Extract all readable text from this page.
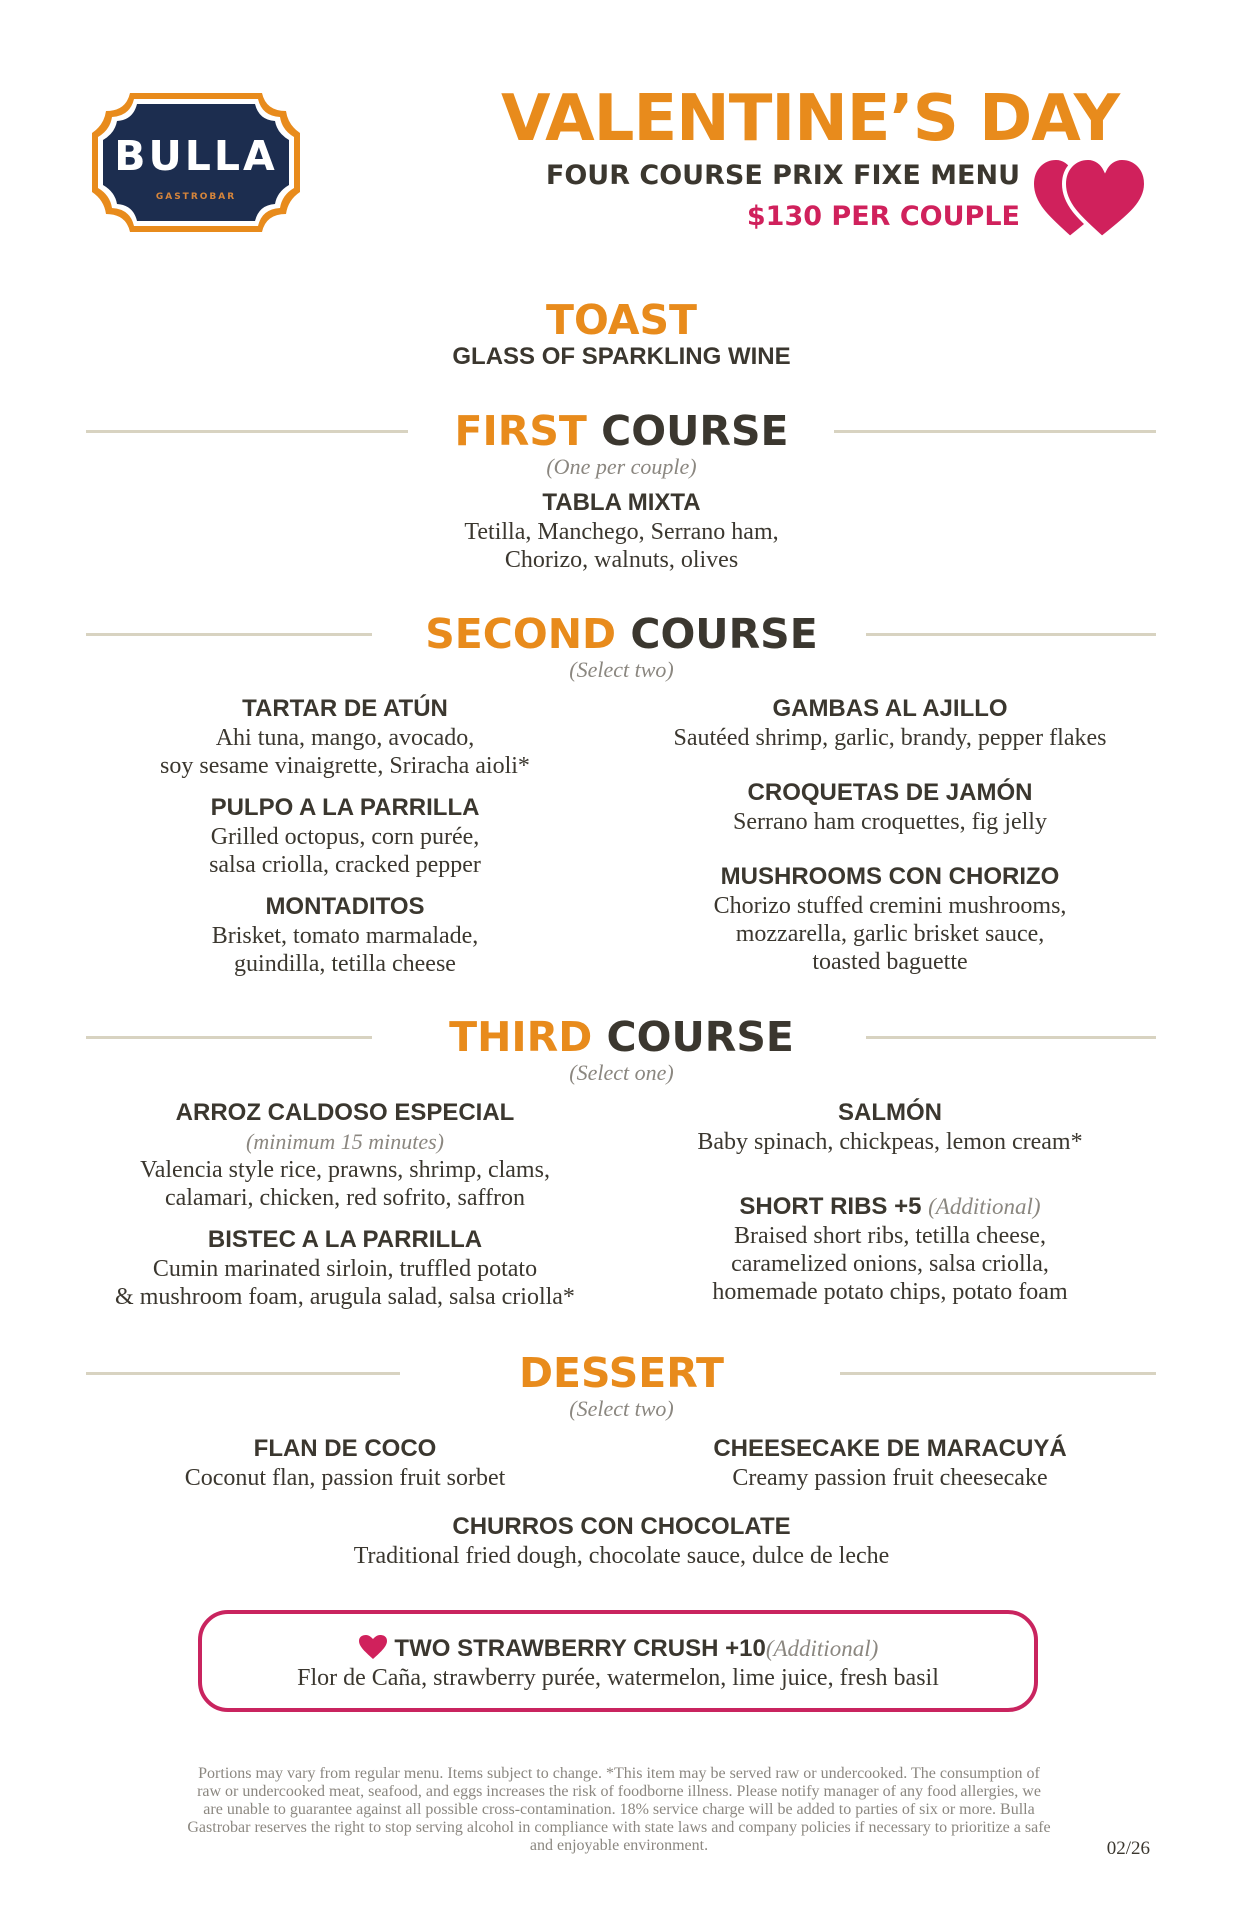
BULLA
GASTROBAR
VALENTINE’S DAY
FOUR COURSE PRIX FIXE MENU
$130 PER COUPLE
TOAST
GLASS OF SPARKLING WINE
FIRST COURSE
(One per couple)
TABLA MIXTA
Tetilla, Manchego, Serrano ham,
Chorizo, walnuts, olives
SECOND COURSE
(Select two)
TARTAR DE ATÚN
Ahi tuna, mango, avocado,
soy sesame vinaigrette, Sriracha aioli*
PULPO A LA PARRILLA
Grilled octopus, corn purée,
salsa criolla, cracked pepper
MONTADITOS
Brisket, tomato marmalade,
guindilla, tetilla cheese
GAMBAS AL AJILLO
Sautéed shrimp, garlic, brandy, pepper flakes
CROQUETAS DE JAMÓN
Serrano ham croquettes, fig jelly
MUSHROOMS CON CHORIZO
Chorizo stuffed cremini mushrooms,
mozzarella, garlic brisket sauce,
toasted baguette
THIRD COURSE
(Select one)
ARROZ CALDOSO ESPECIAL
(minimum 15 minutes)
Valencia style rice, prawns, shrimp, clams,
calamari, chicken, red sofrito, saffron
BISTEC A LA PARRILLA
Cumin marinated sirloin, truffled potato
& mushroom foam, arugula salad, salsa criolla*
SALMÓN
Baby spinach, chickpeas, lemon cream*
SHORT RIBS +5 (Additional)
Braised short ribs, tetilla cheese,
caramelized onions, salsa criolla,
homemade potato chips, potato foam
DESSERT
(Select two)
FLAN DE COCO
Coconut flan, passion fruit sorbet
CHEESECAKE DE MARACUYÁ
Creamy passion fruit cheesecake
CHURROS CON CHOCOLATE
Traditional fried dough, chocolate sauce, dulce de leche
TWO STRAWBERRY CRUSH +10(Additional)
Flor de Caña, strawberry purée, watermelon, lime juice, fresh basil
Portions may vary from regular menu. Items subject to change. *This item may be served raw or undercooked. The consumption of
raw or undercooked meat, seafood, and eggs increases the risk of foodborne illness. Please notify manager of any food allergies, we
are unable to guarantee against all possible cross-contamination. 18% service charge will be added to parties of six or more. Bulla
Gastrobar reserves the right to stop serving alcohol in compliance with state laws and company policies if necessary to prioritize a safe
and enjoyable environment.	02/26
